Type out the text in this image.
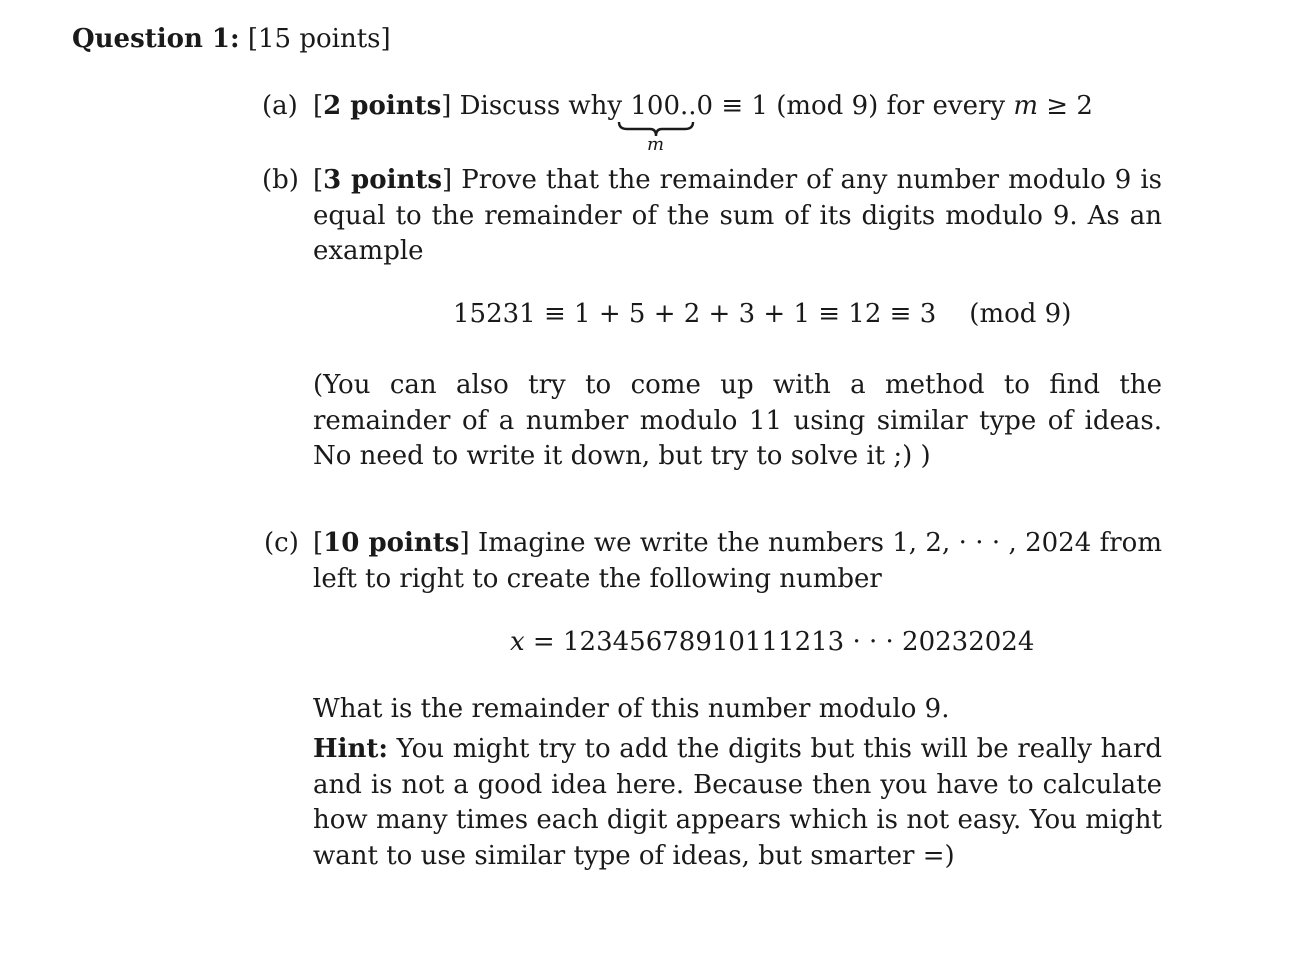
Question 1: [15 points]
(a) [2 points] Discuss why 100..0 ≡ 1 (mod 9) for every m ≥ 2
m
(b) [3 points] Prove that the remainder of any number modulo 9 is equal to the remainder of the sum of its digits modulo 9. As an example
15231 ≡ 1 + 5 + 2 + 3 + 1 ≡ 12 ≡ 3    (mod 9)
(You can also try to come up with a method to find the remainder of a number modulo 11 using similar type of ideas. No need to write it down, but try to solve it ;) )
(c) [10 points] Imagine we write the numbers 1, 2, · · · , 2024 from left to right to create the following number
x = 12345678910111213 · · · 20232024
What is the remainder of this number modulo 9.
Hint: You might try to add the digits but this will be really hard and is not a good idea here. Because then you have to calculate how many times each digit appears which is not easy. You might want to use similar type of ideas, but smarter =)
